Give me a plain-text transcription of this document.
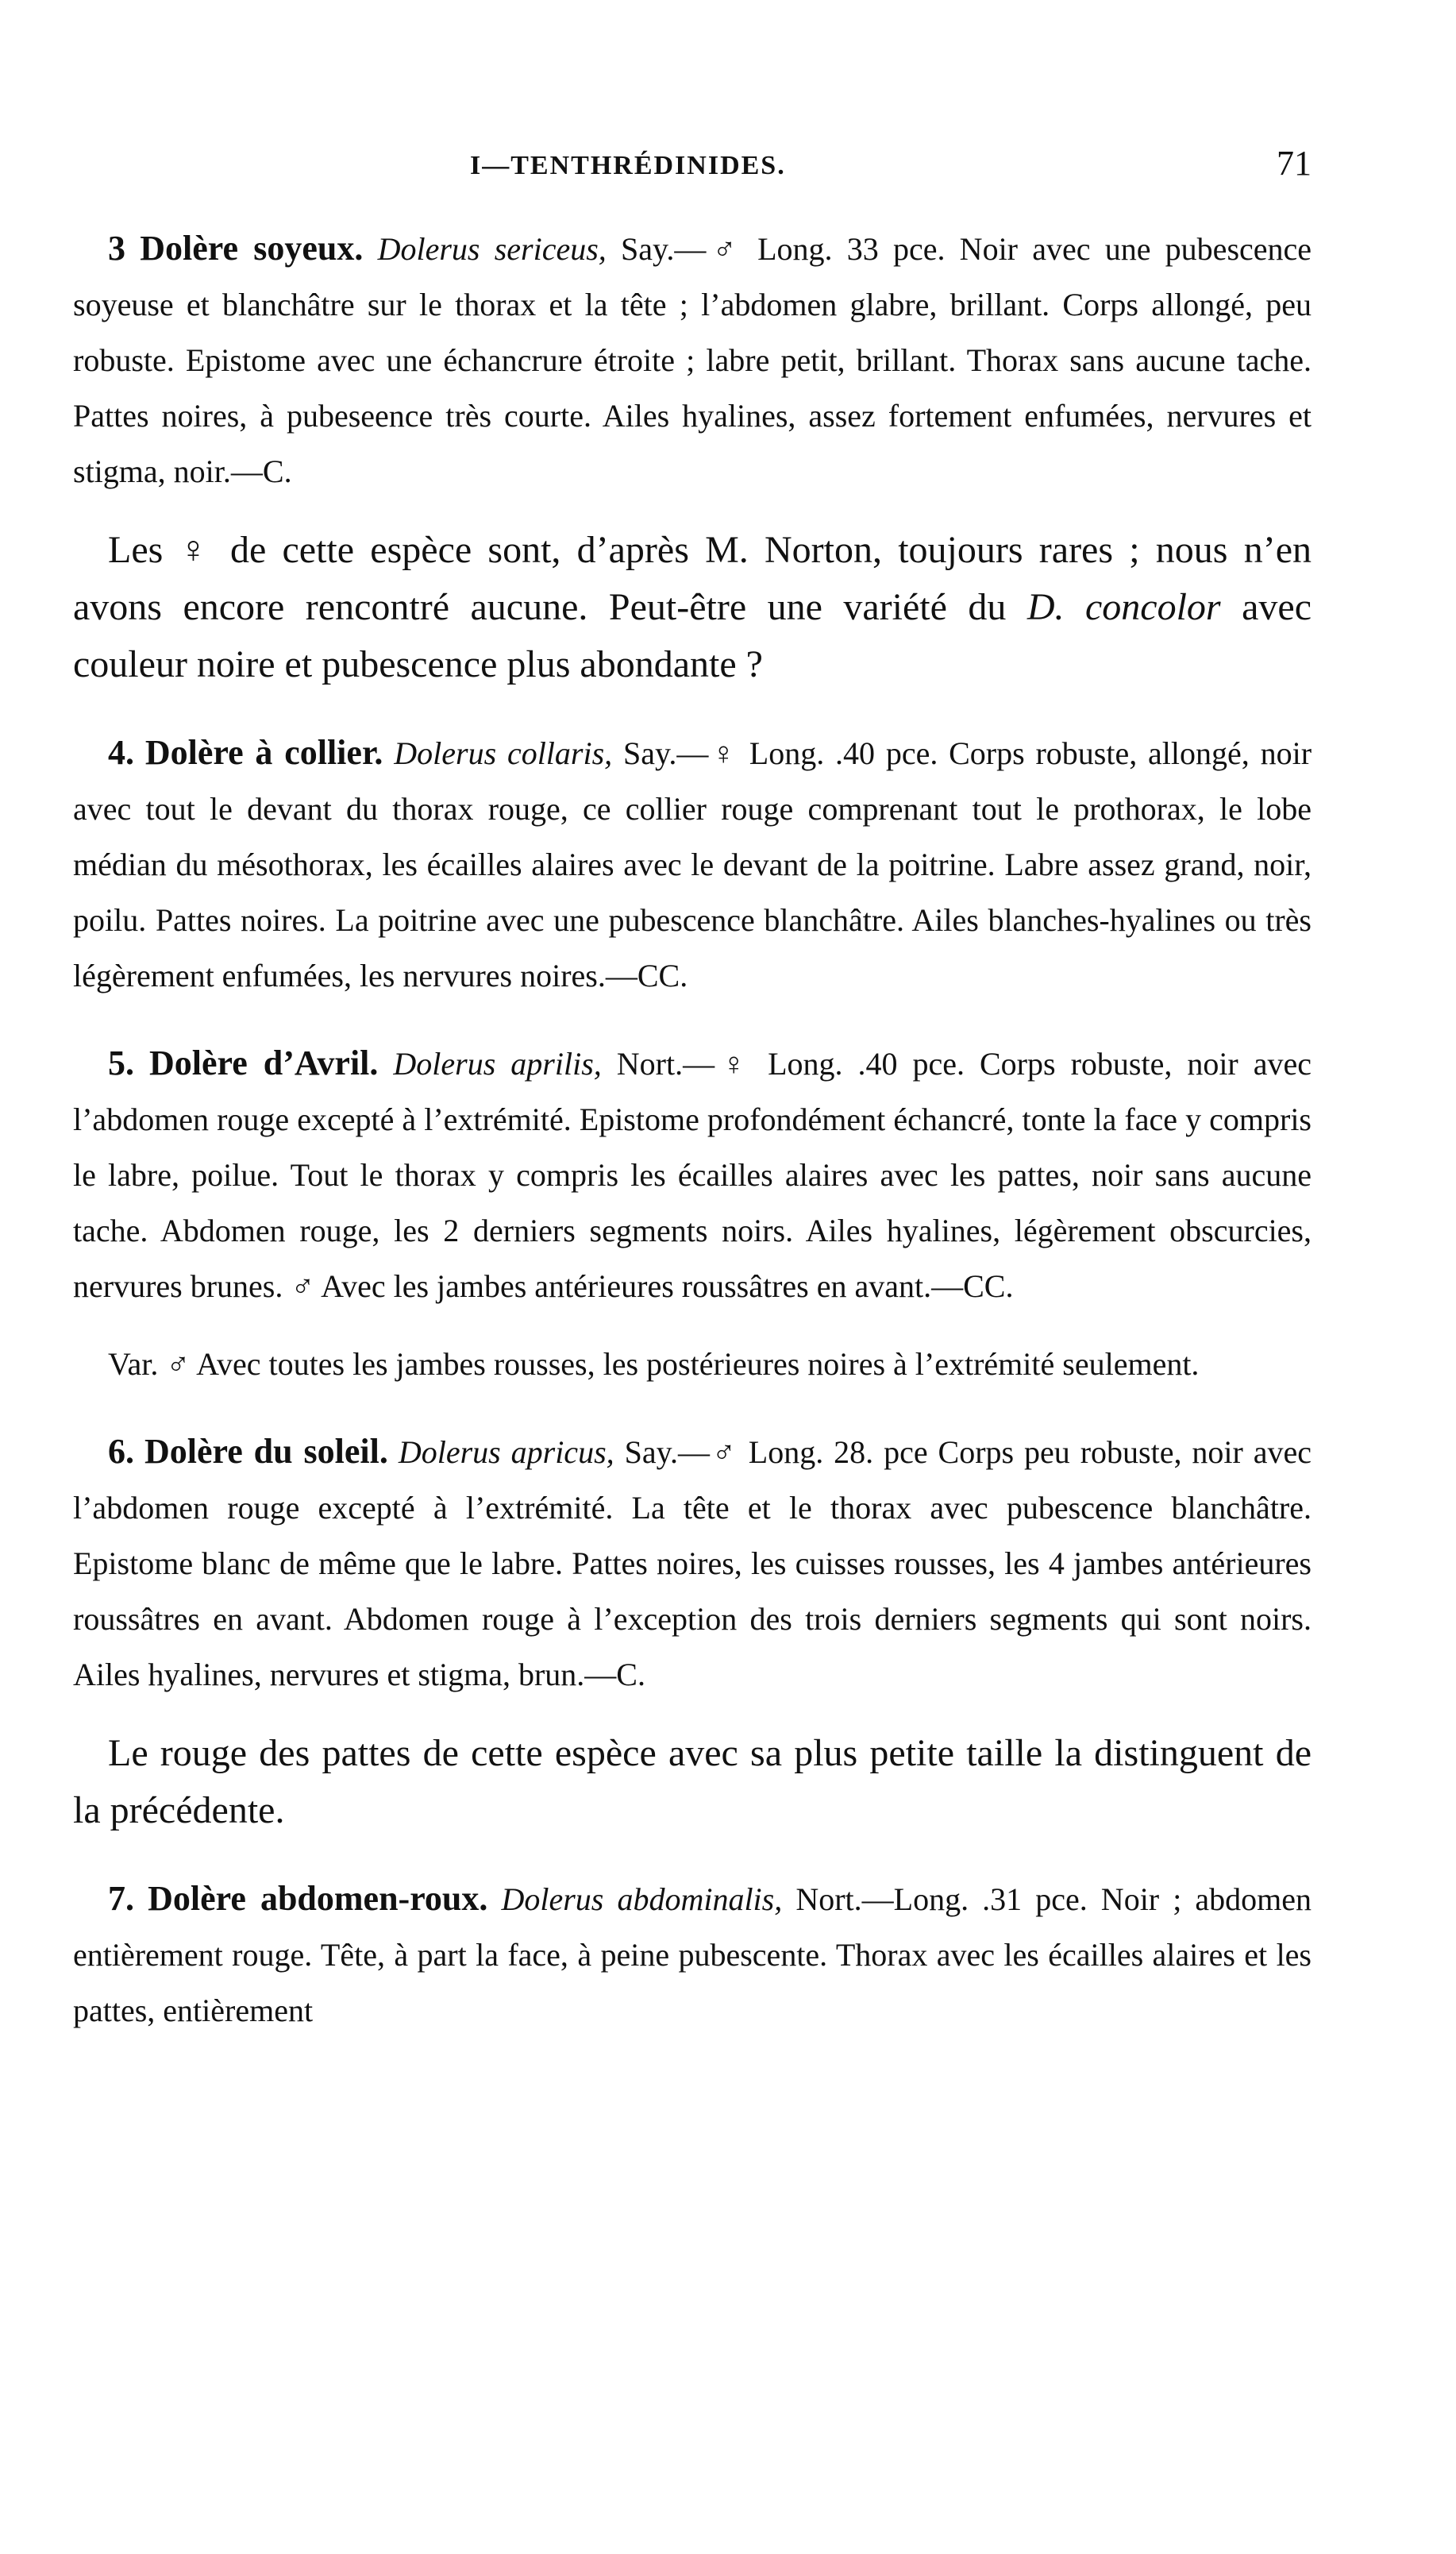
I—TENTHRÉDINIDES.	71

3 Dolère soyeux. Dolerus sericeus, Say.—♂ Long. 33 pce. Noir avec une pubescence soyeuse et blanchâtre sur le thorax et la tête ; l’abdomen glabre, brillant. Corps allongé, peu robuste. Epistome avec une échancrure étroite ; labre petit, brillant. Thorax sans aucune tache. Pattes noires, à pubeseence très courte. Ailes hyalines, assez fortement enfumées, nervures et stigma, noir.—C.

Les ♀ de cette espèce sont, d’après M. Norton, toujours rares ; nous n’en avons encore rencontré aucune. Peut-être une variété du D. concolor avec couleur noire et pubescence plus abondante ?

4. Dolère à collier. Dolerus collaris, Say.—♀ Long. .40 pce. Corps robuste, allongé, noir avec tout le devant du thorax rouge, ce collier rouge comprenant tout le prothorax, le lobe médian du mésothorax, les écailles alaires avec le devant de la poitrine. Labre assez grand, noir, poilu. Pattes noires. La poitrine avec une pubescence blanchâtre. Ailes blanches-hyalines ou très légèrement enfumées, les nervures noires.—CC.

5. Dolère d’Avril. Dolerus aprilis, Nort.—♀ Long. .40 pce. Corps robuste, noir avec l’abdomen rouge excepté à l’extrémité. Epistome profondément échancré, tonte la face y compris le labre, poilue. Tout le thorax y compris les écailles alaires avec les pattes, noir sans aucune tache. Abdomen rouge, les 2 derniers segments noirs. Ailes hyalines, légèrement obscurcies, nervures brunes. ♂ Avec les jambes antérieures roussâtres en avant.—CC.

Var. ♂ Avec toutes les jambes rousses, les postérieures noires à l’extrémité seulement.

6. Dolère du soleil. Dolerus apricus, Say.—♂ Long. 28. pce Corps peu robuste, noir avec l’abdomen rouge excepté à l’extrémité. La tête et le thorax avec pubescence blanchâtre. Epistome blanc de même que le labre. Pattes noires, les cuisses rousses, les 4 jambes antérieures roussâtres en avant. Abdomen rouge à l’exception des trois derniers segments qui sont noirs. Ailes hyalines, nervures et stigma, brun.—C.

Le rouge des pattes de cette espèce avec sa plus petite taille la distinguent de la précédente.

7. Dolère abdomen-roux. Dolerus abdominalis, Nort.—Long. .31 pce. Noir ; abdomen entièrement rouge. Tête, à part la face, à peine pubescente. Thorax avec les écailles alaires et les pattes, entièrement
